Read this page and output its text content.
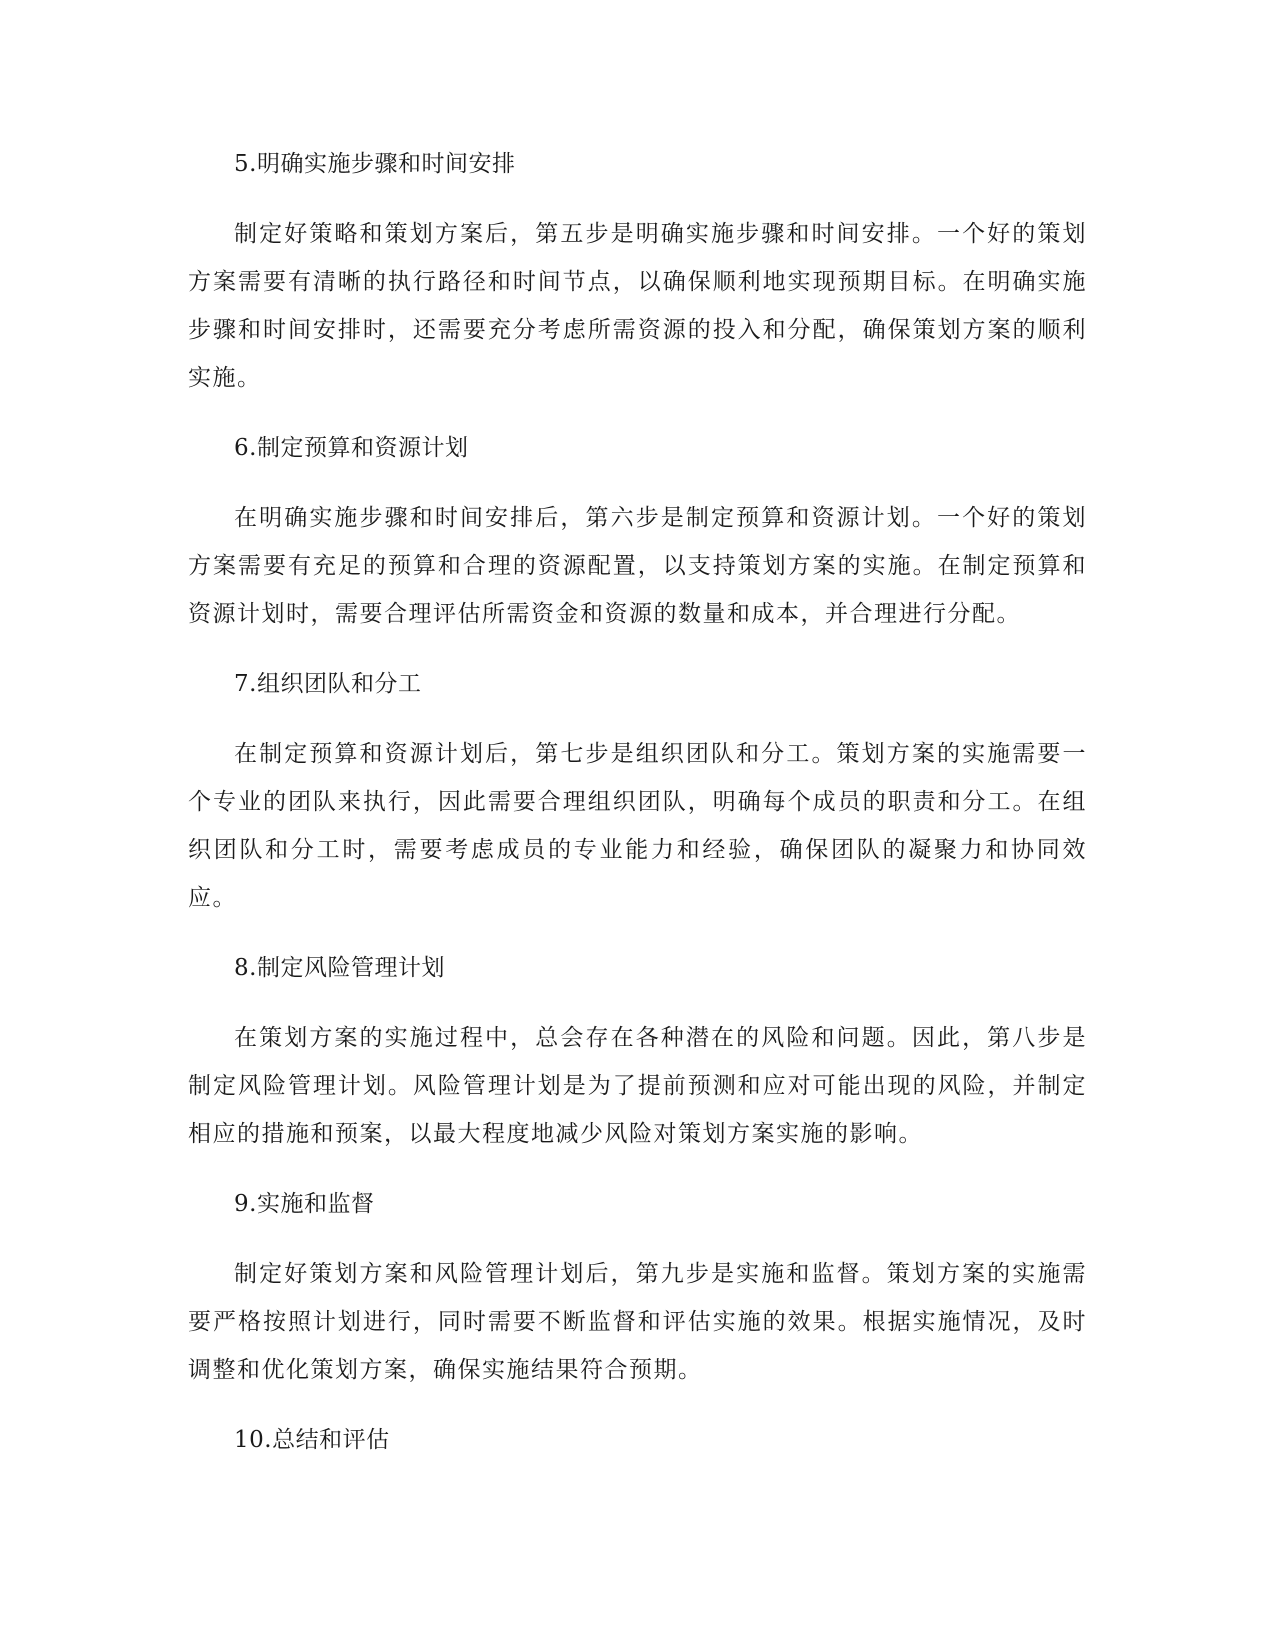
5.明确实施步骤和时间安排

制定好策略和策划方案后，第五步是明确实施步骤和时间安排。一个好的策划方案需要有清晰的执行路径和时间节点，以确保顺利地实现预期目标。在明确实施步骤和时间安排时，还需要充分考虑所需资源的投入和分配，确保策划方案的顺利实施。

6.制定预算和资源计划

在明确实施步骤和时间安排后，第六步是制定预算和资源计划。一个好的策划方案需要有充足的预算和合理的资源配置，以支持策划方案的实施。在制定预算和资源计划时，需要合理评估所需资金和资源的数量和成本，并合理进行分配。

7.组织团队和分工

在制定预算和资源计划后，第七步是组织团队和分工。策划方案的实施需要一个专业的团队来执行，因此需要合理组织团队，明确每个成员的职责和分工。在组织团队和分工时，需要考虑成员的专业能力和经验，确保团队的凝聚力和协同效应。

8.制定风险管理计划

在策划方案的实施过程中，总会存在各种潜在的风险和问题。因此，第八步是制定风险管理计划。风险管理计划是为了提前预测和应对可能出现的风险，并制定相应的措施和预案，以最大程度地减少风险对策划方案实施的影响。

9.实施和监督

制定好策划方案和风险管理计划后，第九步是实施和监督。策划方案的实施需要严格按照计划进行，同时需要不断监督和评估实施的效果。根据实施情况，及时调整和优化策划方案，确保实施结果符合预期。

10.总结和评估
